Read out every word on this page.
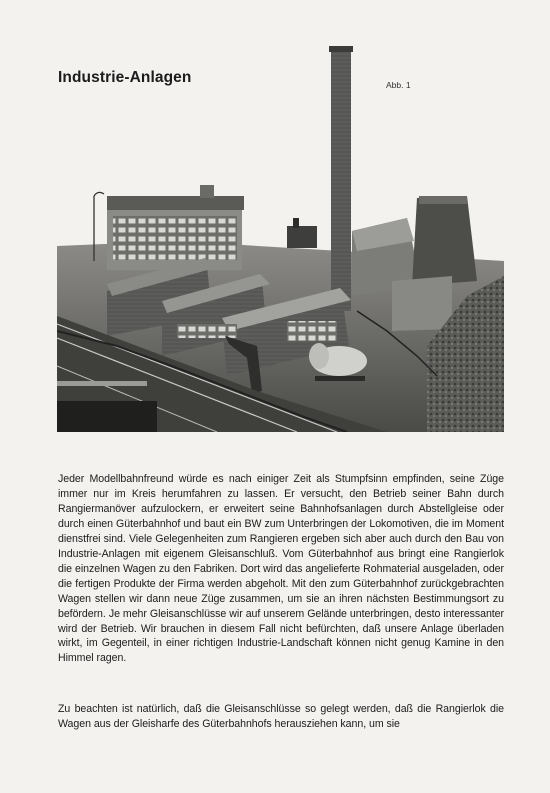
Industrie-Anlagen	Abb. 1

Jeder Modellbahnfreund würde es nach einiger Zeit als Stumpfsinn empfinden, seine Züge immer nur im Kreis herumfahren zu lassen. Er versucht, den Betrieb seiner Bahn durch Rangiermanöver aufzulockern, er erweitert seine Bahnhofsanlagen durch Abstellgleise oder durch einen Güterbahnhof und baut ein BW zum Unterbringen der Lokomotiven, die im Moment dienstfrei sind. Viele Gelegenheiten zum Rangieren ergeben sich aber auch durch den Bau von Industrie-Anlagen mit eigenem Gleisanschluß. Vom Güterbahnhof aus bringt eine Rangierlok die einzelnen Wagen zu den Fabriken. Dort wird das angelieferte Rohmaterial ausgeladen, oder die fertigen Produkte der Firma werden abgeholt. Mit den zum Güterbahnhof zurückgebrachten Wagen stellen wir dann neue Züge zusammen, um sie an ihren nächsten Bestimmungsort zu befördern. Je mehr Gleisanschlüsse wir auf unserem Gelände unterbringen, desto interessanter wird der Betrieb. Wir brauchen in diesem Fall nicht befürchten, daß unsere Anlage überladen wirkt, im Gegenteil, in einer richtigen Industrie-Landschaft können nicht genug Kamine in den Himmel ragen.

Zu beachten ist natürlich, daß die Gleisanschlüsse so gelegt werden, daß die Rangierlok die Wagen aus der Gleisharfe des Güterbahnhofs herausziehen kann, um sie
